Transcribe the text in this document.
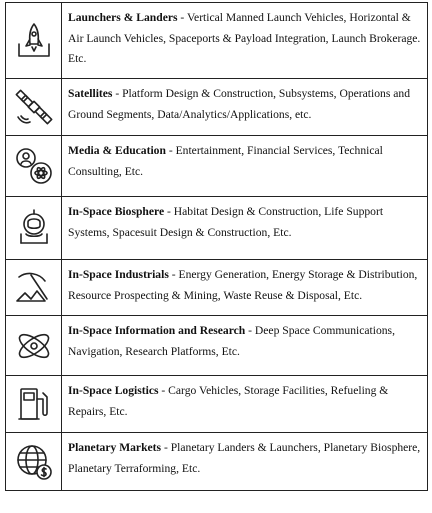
Launchers & Landers - Vertical Manned Launch Vehicles, Horizontal & Air Launch Vehicles, Spaceports & Payload Integration, Launch Brokerage. Etc.
Satellites - Platform Design & Construction, Subsystems, Operations and Ground Segments, Data/Analytics/Applications, etc.
Media & Education - Entertainment, Financial Services, Technical Consulting, Etc.
In-Space Biosphere - Habitat Design & Construction, Life Support Systems, Spacesuit Design & Construction, Etc.
In-Space Industrials - Energy Generation, Energy Storage & Distribution, Resource Prospecting & Mining, Waste Reuse & Disposal, Etc.
In-Space Information and Research - Deep Space Communications, Navigation, Research Platforms, Etc.
In-Space Logistics - Cargo Vehicles, Storage Facilities, Refueling & Repairs, Etc.
Planetary Markets - Planetary Landers & Launchers, Planetary Biosphere, Planetary Terraforming, Etc.
